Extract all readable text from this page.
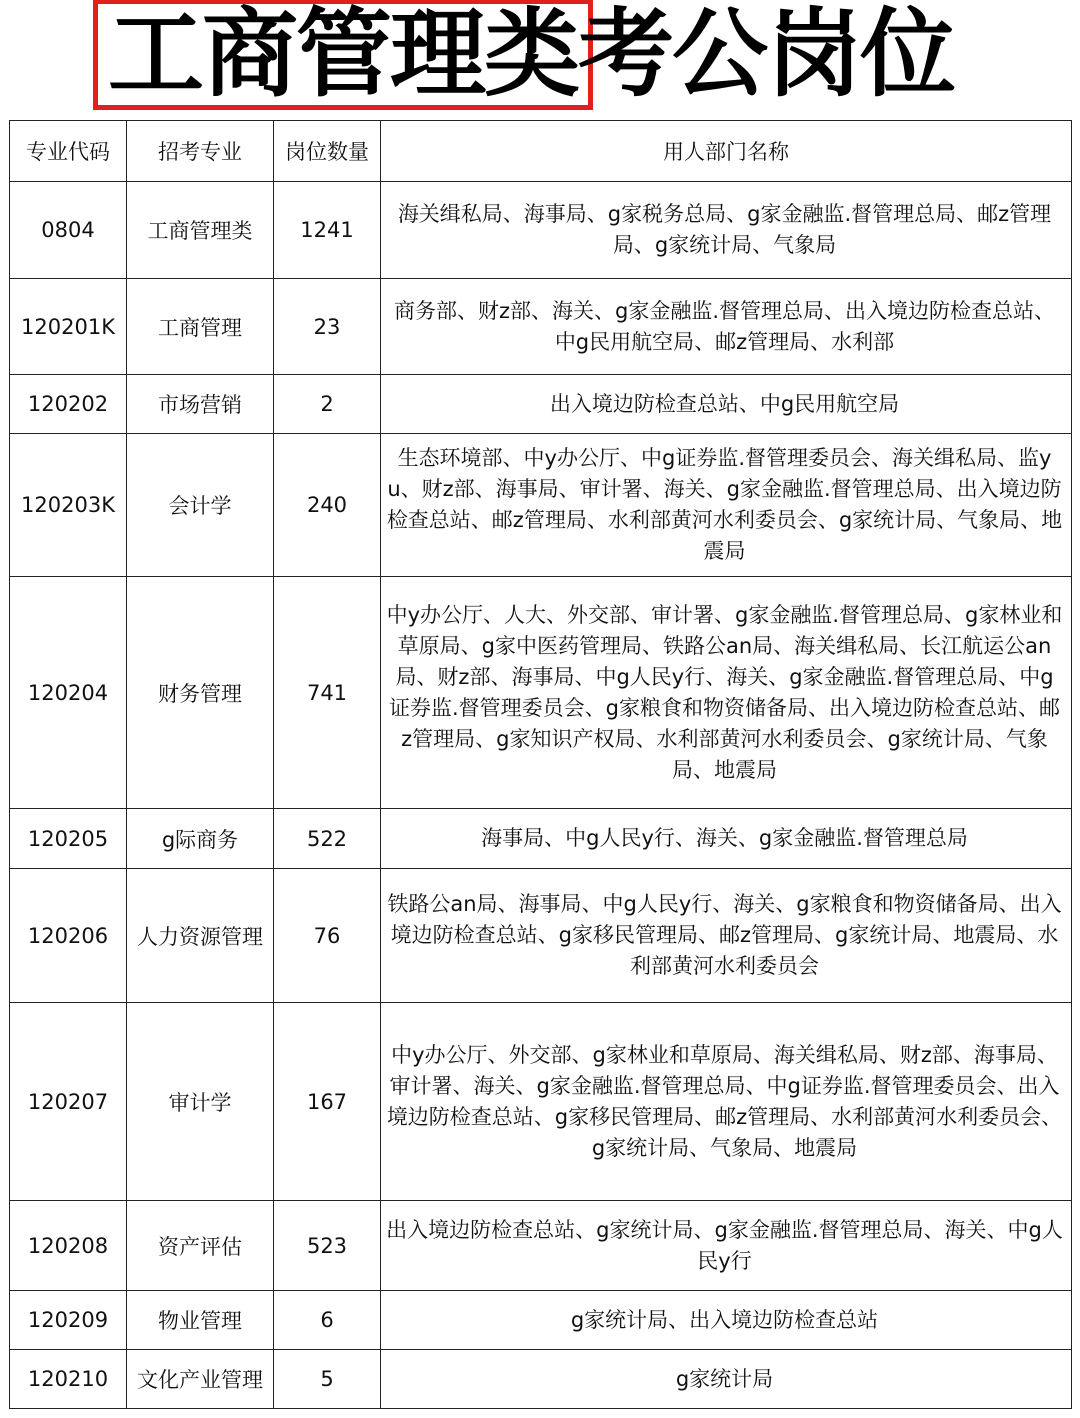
工商管理类考公岗位
专业代码	招考专业	岗位数量	用人部门名称
0804	工商管理类	1241	海关缉私局、海事局、g家税务总局、g家金融监.督管理总局、邮z管理局、g家统计局、气象局
120201K	工商管理	23	商务部、财z部、海关、g家金融监.督管理总局、出入境边防检查总站、中g民用航空局、邮z管理局、水利部
120202	市场营销	2	出入境边防检查总站、中g民用航空局
120203K	会计学	240	生态环境部、中y办公厅、中g证券监.督管理委员会、海关缉私局、监yu、财z部、海事局、审计署、海关、g家金融监.督管理总局、出入境边防检查总站、邮z管理局、水利部黄河水利委员会、g家统计局、气象局、地震局
120204	财务管理	741	中y办公厅、人大、外交部、审计署、g家金融监.督管理总局、g家林业和草原局、g家中医药管理局、铁路公an局、海关缉私局、长江航运公an局、财z部、海事局、中g人民y行、海关、g家金融监.督管理总局、中g证券监.督管理委员会、g家粮食和物资储备局、出入境边防检查总站、邮z管理局、g家知识产权局、水利部黄河水利委员会、g家统计局、气象局、地震局
120205	g际商务	522	海事局、中g人民y行、海关、g家金融监.督管理总局
120206	人力资源管理	76	铁路公an局、海事局、中g人民y行、海关、g家粮食和物资储备局、出入境边防检查总站、g家移民管理局、邮z管理局、g家统计局、地震局、水利部黄河水利委员会
120207	审计学	167	中y办公厅、外交部、g家林业和草原局、海关缉私局、财z部、海事局、审计署、海关、g家金融监.督管理总局、中g证券监.督管理委员会、出入境边防检查总站、g家移民管理局、邮z管理局、水利部黄河水利委员会、g家统计局、气象局、地震局
120208	资产评估	523	出入境边防检查总站、g家统计局、g家金融监.督管理总局、海关、中g人民y行
120209	物业管理	6	g家统计局、出入境边防检查总站
120210	文化产业管理	5	g家统计局
